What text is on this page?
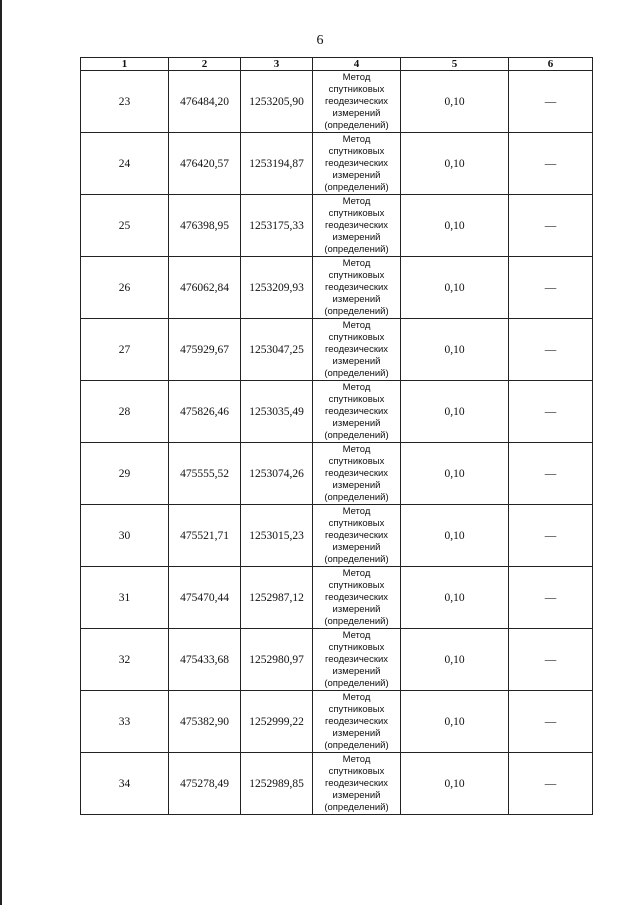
6
1	2	3	4	5	6
23	476484,20	1253205,90	Метод
спутниковых
геодезических
измерений
(определений)	0,10	—
24	476420,57	1253194,87	Метод
спутниковых
геодезических
измерений
(определений)	0,10	—
25	476398,95	1253175,33	Метод
спутниковых
геодезических
измерений
(определений)	0,10	—
26	476062,84	1253209,93	Метод
спутниковых
геодезических
измерений
(определений)	0,10	—
27	475929,67	1253047,25	Метод
спутниковых
геодезических
измерений
(определений)	0,10	—
28	475826,46	1253035,49	Метод
спутниковых
геодезических
измерений
(определений)	0,10	—
29	475555,52	1253074,26	Метод
спутниковых
геодезических
измерений
(определений)	0,10	—
30	475521,71	1253015,23	Метод
спутниковых
геодезических
измерений
(определений)	0,10	—
31	475470,44	1252987,12	Метод
спутниковых
геодезических
измерений
(определений)	0,10	—
32	475433,68	1252980,97	Метод
спутниковых
геодезических
измерений
(определений)	0,10	—
33	475382,90	1252999,22	Метод
спутниковых
геодезических
измерений
(определений)	0,10	—
34	475278,49	1252989,85	Метод
спутниковых
геодезических
измерений
(определений)	0,10	—
